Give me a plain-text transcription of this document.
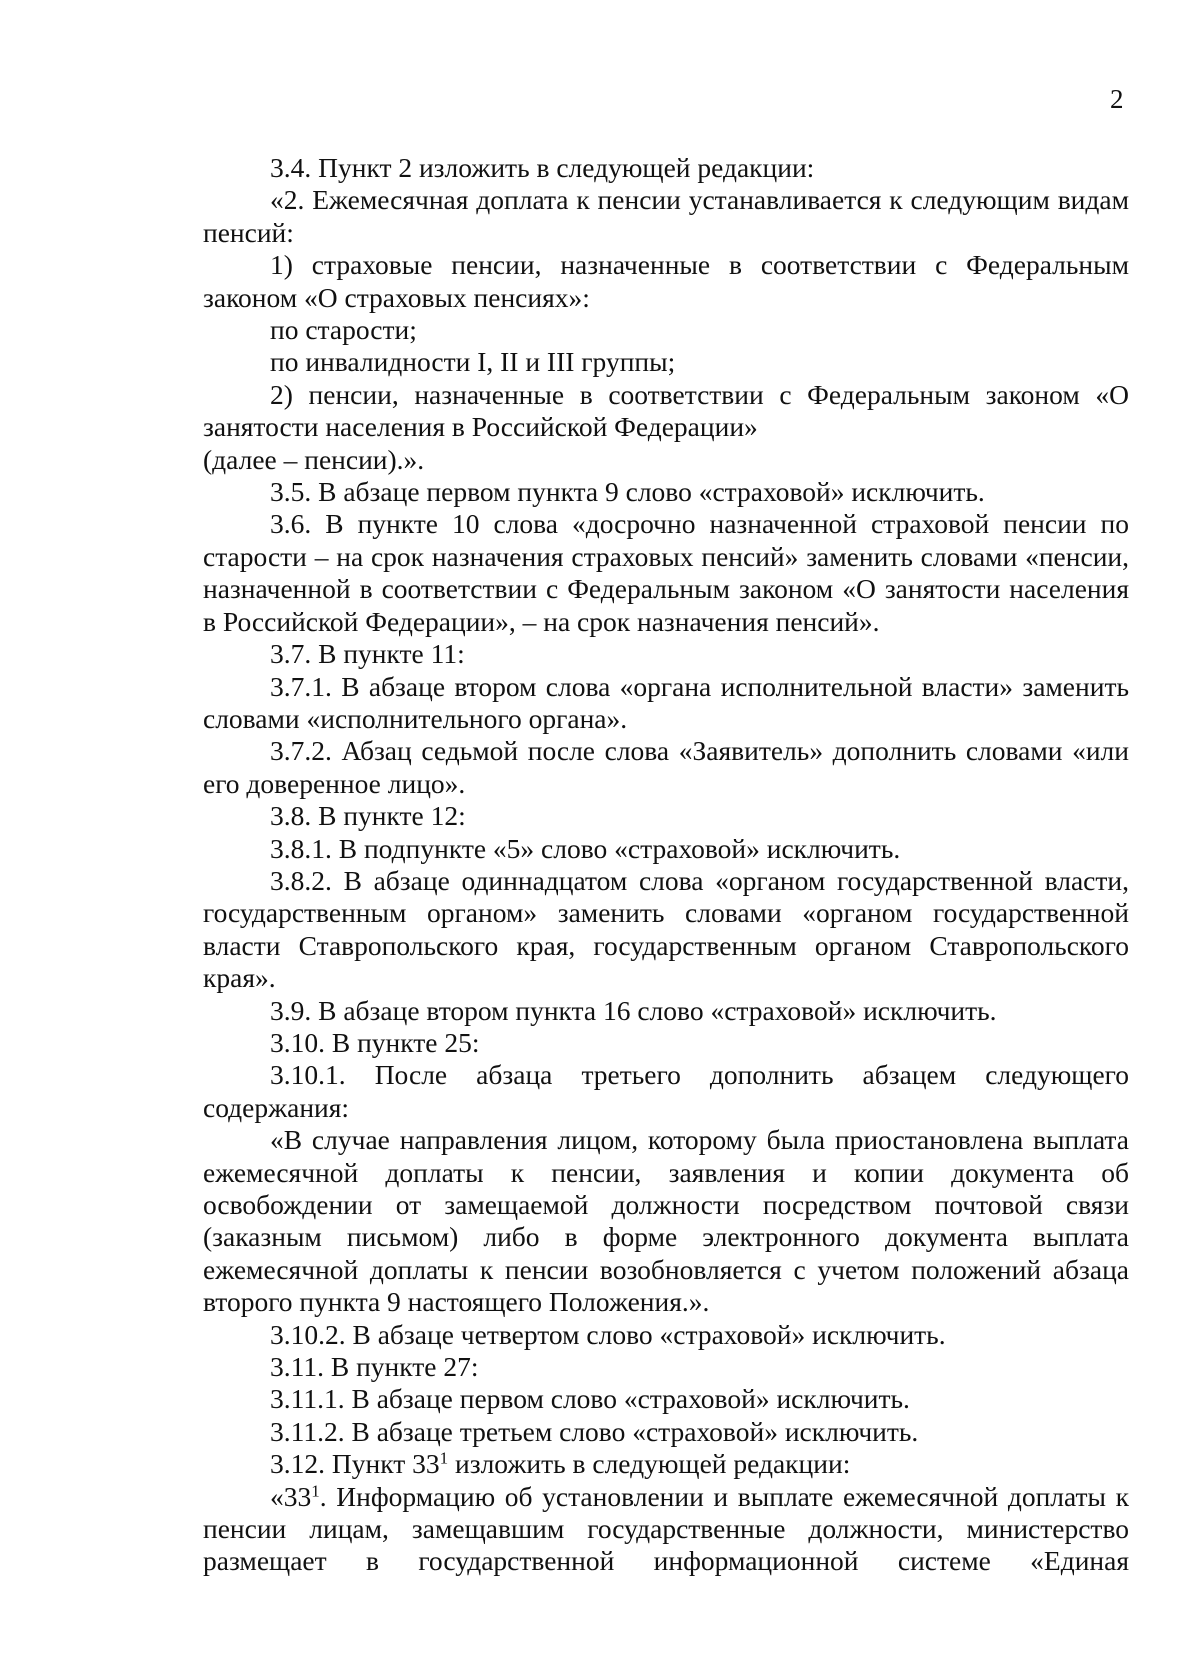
2

3.4. Пункт 2 изложить в следующей редакции:

«2. Ежемесячная доплата к пенсии устанавливается к следующим видам пенсий:

1) страховые пенсии, назначенные в соответствии с Федеральным законом «О страховых пенсиях»:

по старости;

по инвалидности I, II и III группы;

2) пенсии, назначенные в соответствии с Федеральным законом «О занятости населения в Российской Федерации»

(далее – пенсии).».

3.5. В абзаце первом пункта 9 слово «страховой» исключить.

3.6. В пункте 10 слова «досрочно назначенной страховой пенсии по старости – на срок назначения страховых пенсий» заменить словами «пенсии, назначенной в соответствии с Федеральным законом «О занятости населения в Российской Федерации», – на срок назначения пенсий».

3.7. В пункте 11:

3.7.1. В абзаце втором слова «органа исполнительной власти» заменить словами «исполнительного органа».

3.7.2. Абзац седьмой после слова «Заявитель» дополнить словами «или его доверенное лицо».

3.8. В пункте 12:

3.8.1. В подпункте «5» слово «страховой» исключить.

3.8.2. В абзаце одиннадцатом слова «органом государственной власти, государственным органом» заменить словами «органом государственной власти Ставропольского края, государственным органом Ставропольского края».

3.9. В абзаце втором пункта 16 слово «страховой» исключить.

3.10. В пункте 25:

3.10.1. После абзаца третьего дополнить абзацем следующего содержания:

«В случае направления лицом, которому была приостановлена выплата ежемесячной доплаты к пенсии, заявления и копии документа об освобождении от замещаемой должности посредством почтовой связи (заказным письмом) либо в форме электронного документа выплата ежемесячной доплаты к пенсии возобновляется с учетом положений абзаца второго пункта 9 настоящего Положения.».

3.10.2. В абзаце четвертом слово «страховой» исключить.

3.11. В пункте 27:

3.11.1. В абзаце первом слово «страховой» исключить.

3.11.2. В абзаце третьем слово «страховой» исключить.

3.12. Пункт $33^1$ изложить в следующей редакции:

«$33^1$. Информацию об установлении и выплате ежемесячной доплаты к пенсии лицам, замещавшим государственные должности, министерство размещает в государственной информационной системе «Единая
